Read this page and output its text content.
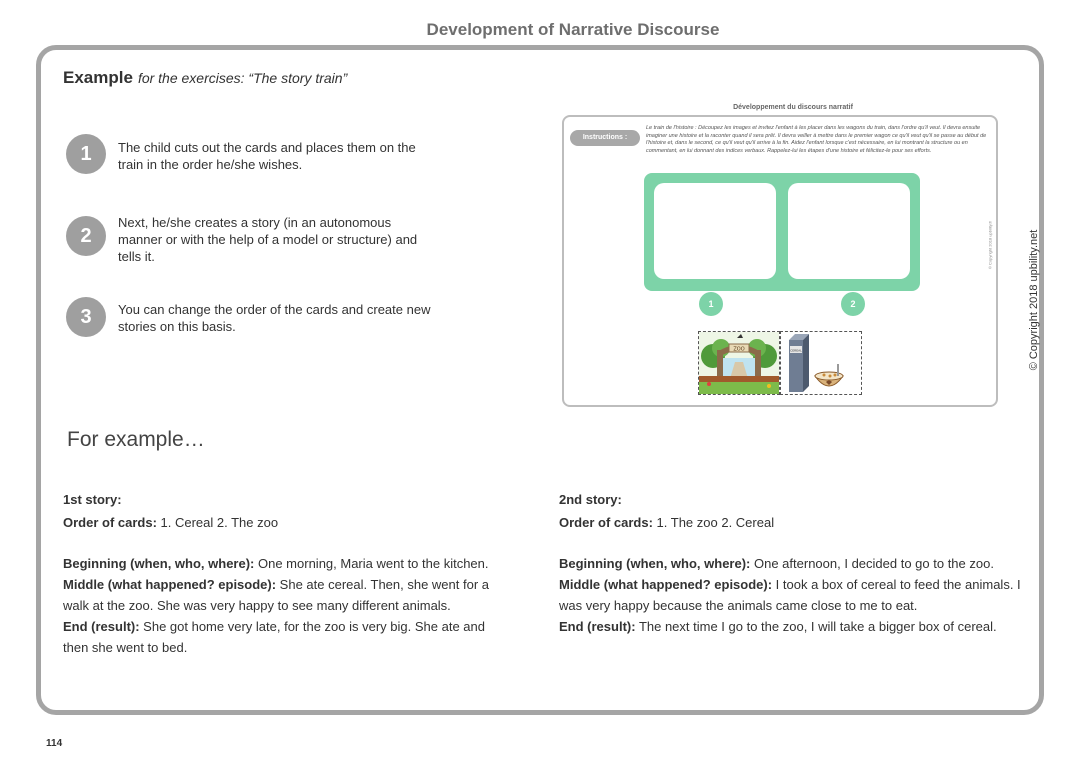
Development of Narrative Discourse
Example for the exercises: “The story train”
1	The child cuts out the cards and places them on the train in the order he/she wishes.
2
Next, he/she creates a story (in an autonomous manner or with the help of a model or structure) and tells it.
3	You can change the order of the cards and create new stories on this basis.
Développement du discours narratif
Instructions :
Le train de l'histoire : Découpez les images et invitez l'enfant à les placer dans les wagons du train, dans l'ordre qu'il veut. Il devra ensuite imaginer une histoire et la raconter quand il sera prêt. Il devra veiller à mettre dans le premier wagon ce qu'il veut qu'il se passe au début de l'histoire et, dans le second, ce qu'il veut qu'il arrive à la fin. Aidez l'enfant lorsque c'est nécessaire, en lui montrant la structure ou en commentant, en lui donnant des indices verbaux. Rappelez-lui les étapes d'une histoire et félicitez-le pour ses efforts.
1	2
© Copyright 2018 upbility.fr
ZOO	CEREAL	© Copyright 2018 upbility.net
For example…
1st story:
Order of cards: 1. Cereal 2. The zoo
Beginning (when, who, where): One morning, Maria went to the kitchen.
Middle (what happened? episode): She ate cereal. Then, she went for a walk at the zoo. She was very happy to see many different animals.
End (result): She got home very late, for the zoo is very big. She ate and then she went to bed.
2nd story:
Order of cards: 1. The zoo 2. Cereal
Beginning (when, who, where): One afternoon, I decided to go to the zoo.
Middle (what happened? episode): I took a box of cereal to feed the animals. I was very happy because the animals came close to me to eat.
End (result): The next time I go to the zoo, I will take a bigger box of cereal.
114
